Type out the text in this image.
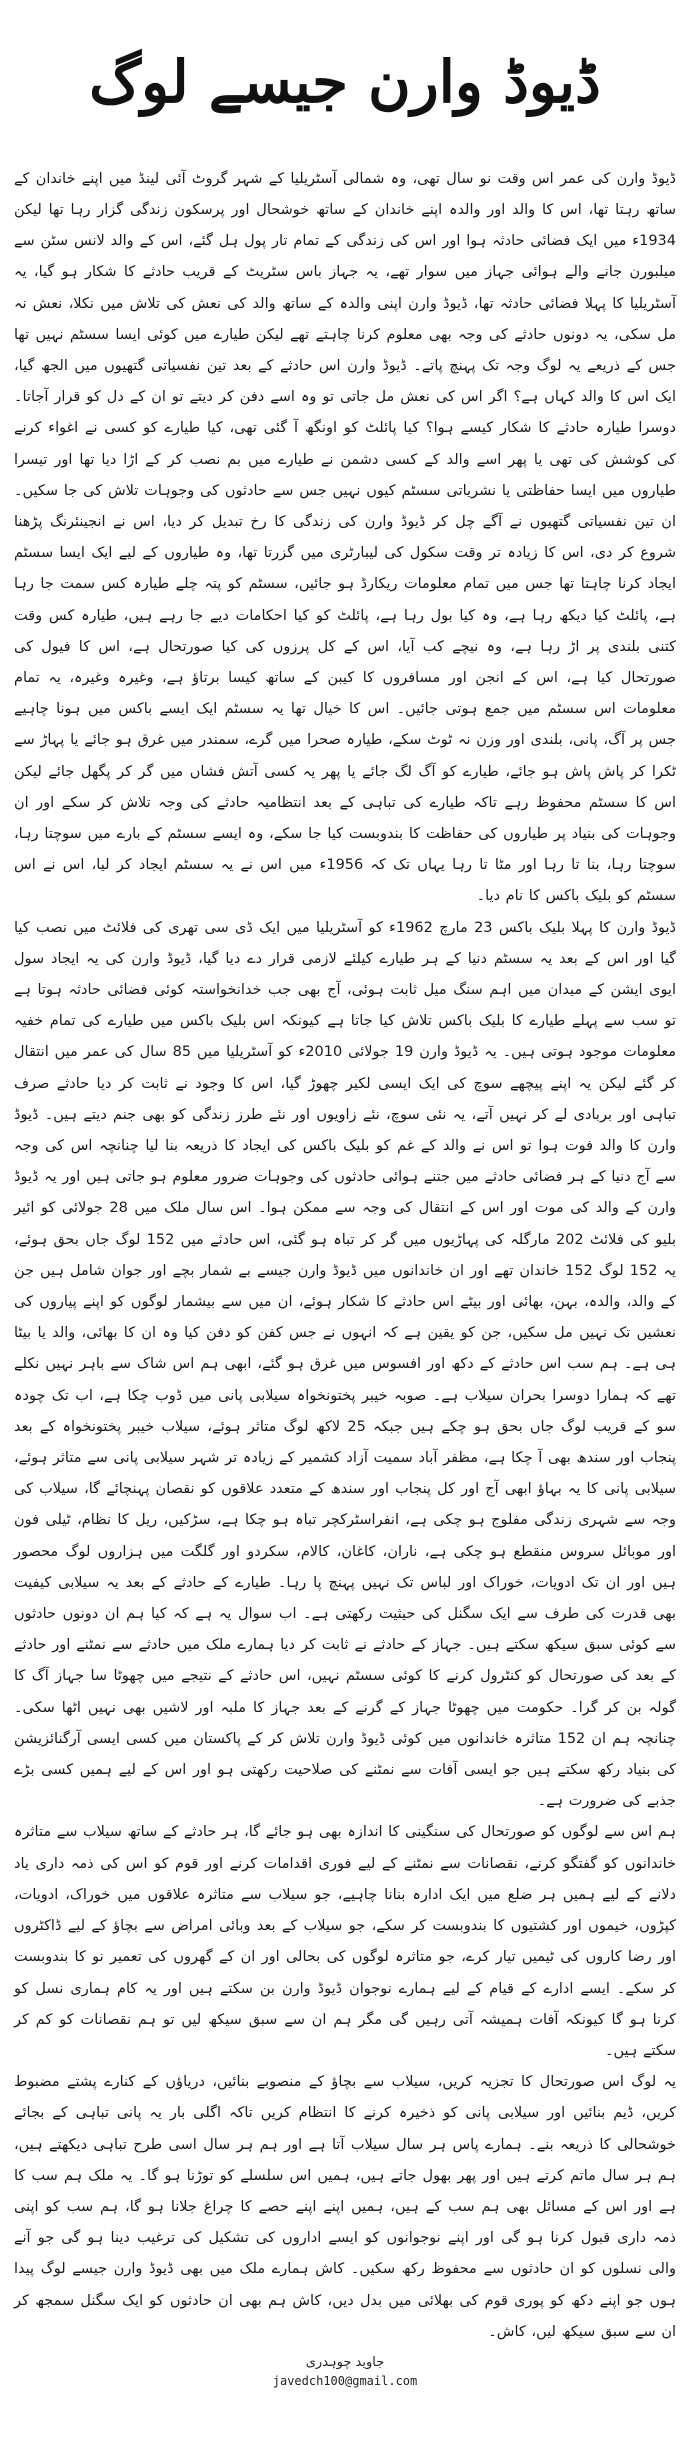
ڈیوڈ وارن جیسے لوگ

ڈیوڈ وارن کی عمر اس وقت نو سال تھی، وہ شمالی آسٹریلیا کے شہر گروٹ آئی لینڈ میں اپنے خاندان کے ساتھ رہتا تھا، اس کا والد اور والدہ اپنے خاندان کے ساتھ خوشحال اور پرسکون زندگی گزار رہا تھا لیکن 1934ء میں ایک فضائی حادثہ ہوا اور اس کی زندگی کے تمام تار پول ہل گئے، اس کے والد لانس سٹن سے میلبورن جانے والے ہوائی جہاز میں سوار تھے، یہ جہاز باس سٹریٹ کے قریب حادثے کا شکار ہو گیا، یہ آسٹریلیا کا پہلا فضائی حادثہ تھا، ڈیوڈ وارن اپنی والدہ کے ساتھ والد کی نعش کی تلاش میں نکلا، نعش نہ مل سکی، یہ دونوں حادثے کی وجہ بھی معلوم کرنا چاہتے تھے لیکن طیارے میں کوئی ایسا سسٹم نہیں تھا جس کے ذریعے یہ لوگ وجہ تک پہنچ پاتے۔ ڈیوڈ وارن اس حادثے کے بعد تین نفسیاتی گتھیوں میں الجھ گیا، ایک اس کا والد کہاں ہے؟ اگر اس کی نعش مل جاتی تو وہ اسے دفن کر دیتے تو ان کے دل کو قرار آجاتا۔ دوسرا طیارہ حادثے کا شکار کیسے ہوا؟ کیا پائلٹ کو اونگھ آ گئی تھی، کیا طیارے کو کسی نے اغواء کرنے کی کوشش کی تھی یا پھر اسے والد کے کسی دشمن نے طیارے میں بم نصب کر کے اڑا دیا تھا اور تیسرا طیاروں میں ایسا حفاظتی یا نشریاتی سسٹم کیوں نہیں جس سے حادثوں کی وجوہات تلاش کی جا سکیں۔ ان تین نفسیاتی گتھیوں نے آگے چل کر ڈیوڈ وارن کی زندگی کا رخ تبدیل کر دیا، اس نے انجینئرنگ پڑھنا شروع کر دی، اس کا زیادہ تر وقت سکول کی لیبارٹری میں گزرتا تھا، وہ طیاروں کے لیے ایک ایسا سسٹم ایجاد کرنا چاہتا تھا جس میں تمام معلومات ریکارڈ ہو جائیں، سسٹم کو پتہ چلے طیارہ کس سمت جا رہا ہے، پائلٹ کیا دیکھ رہا ہے، وہ کیا بول رہا ہے، پائلٹ کو کیا احکامات دیے جا رہے ہیں، طیارہ کس وقت کتنی بلندی پر اڑ رہا ہے، وہ نیچے کب آیا، اس کے کل پرزوں کی کیا صورتحال ہے، اس کا فیول کی صورتحال کیا ہے، اس کے انجن اور مسافروں کا کیبن کے ساتھ کیسا برتاؤ ہے، وغیرہ وغیرہ، یہ تمام معلومات اس سسٹم میں جمع ہوتی جائیں۔ اس کا خیال تھا یہ سسٹم ایک ایسے باکس میں ہونا چاہیے جس پر آگ، پانی، بلندی اور وزن نہ ٹوٹ سکے، طیارہ صحرا میں گرے، سمندر میں غرق ہو جائے یا پہاڑ سے ٹکرا کر پاش پاش ہو جائے، طیارے کو آگ لگ جائے یا پھر یہ کسی آتش فشاں میں گر کر پگھل جائے لیکن اس کا سسٹم محفوظ رہے تاکہ طیارے کی تباہی کے بعد انتظامیہ حادثے کی وجہ تلاش کر سکے اور ان وجوہات کی بنیاد پر طیاروں کی حفاظت کا بندوبست کیا جا سکے، وہ ایسے سسٹم کے بارے میں سوچتا رہا، سوچتا رہا، بنا تا رہا اور مٹا تا رہا یہاں تک کہ 1956ء میں اس نے یہ سسٹم ایجاد کر لیا، اس نے اس سسٹم کو بلیک باکس کا نام دیا۔

ڈیوڈ وارن کا پہلا بلیک باکس 23 مارچ 1962ء کو آسٹریلیا میں ایک ڈی سی تھری کی فلائٹ میں نصب کیا گیا اور اس کے بعد یہ سسٹم دنیا کے ہر طیارے کیلئے لازمی قرار دے دیا گیا، ڈیوڈ وارن کی یہ ایجاد سول ایوی ایشن کے میدان میں اہم سنگ میل ثابت ہوئی، آج بھی جب خدانخواستہ کوئی فضائی حادثہ ہوتا ہے تو سب سے پہلے طیارے کا بلیک باکس تلاش کیا جاتا ہے کیونکہ اس بلیک باکس میں طیارے کی تمام خفیہ معلومات موجود ہوتی ہیں۔ یہ ڈیوڈ وارن 19 جولائی 2010ء کو آسٹریلیا میں 85 سال کی عمر میں انتقال کر گئے لیکن یہ اپنے پیچھے سوچ کی ایک ایسی لکیر چھوڑ گیا، اس کا وجود نے ثابت کر دیا حادثے صرف تباہی اور بربادی لے کر نہیں آتے، یہ نئی سوچ، نئے زاویوں اور نئے طرز زندگی کو بھی جنم دیتے ہیں۔ ڈیوڈ وارن کا والد فوت ہوا تو اس نے والد کے غم کو بلیک باکس کی ایجاد کا ذریعہ بنا لیا چنانچہ اس کی وجہ سے آج دنیا کے ہر فضائی حادثے میں جتنے ہوائی حادثوں کی وجوہات ضرور معلوم ہو جاتی ہیں اور یہ ڈیوڈ وارن کے والد کی موت اور اس کے انتقال کی وجہ سے ممکن ہوا۔ اس سال ملک میں 28 جولائی کو ائیر بلیو کی فلائٹ 202 مارگلہ کی پہاڑیوں میں گر کر تباہ ہو گئی، اس حادثے میں 152 لوگ جاں بحق ہوئے، یہ 152 لوگ 152 خاندان تھے اور ان خاندانوں میں ڈیوڈ وارن جیسے بے شمار بچے اور جوان شامل ہیں جن کے والد، والدہ، بہن، بھائی اور بیٹے اس حادثے کا شکار ہوئے، ان میں سے بیشمار لوگوں کو اپنے پیاروں کی نعشیں تک نہیں مل سکیں، جن کو یقین ہے کہ انہوں نے جس کفن کو دفن کیا وہ ان کا بھائی، والد یا بیٹا ہی ہے۔ ہم سب اس حادثے کے دکھ اور افسوس میں غرق ہو گئے، ابھی ہم اس شاک سے باہر نہیں نکلے تھے کہ ہمارا دوسرا بحران سیلاب ہے۔ صوبہ خیبر پختونخواہ سیلابی پانی میں ڈوب چکا ہے، اب تک چودہ سو کے قریب لوگ جاں بحق ہو چکے ہیں جبکہ 25 لاکھ لوگ متاثر ہوئے، سیلاب خیبر پختونخواہ کے بعد پنجاب اور سندھ بھی آ چکا ہے، مظفر آباد سمیت آزاد کشمیر کے زیادہ تر شہر سیلابی پانی سے متاثر ہوئے، سیلابی پانی کا یہ بہاؤ ابھی آج اور کل پنجاب اور سندھ کے متعدد علاقوں کو نقصان پہنچائے گا، سیلاب کی وجہ سے شہری زندگی مفلوج ہو چکی ہے، انفراسٹرکچر تباہ ہو چکا ہے، سڑکیں، ریل کا نظام، ٹیلی فون اور موبائل سروس منقطع ہو چکی ہے، ناران، کاغان، کالام، سکردو اور گلگت میں ہزاروں لوگ محصور ہیں اور ان تک ادویات، خوراک اور لباس تک نہیں پہنچ پا رہا۔ طیارے کے حادثے کے بعد یہ سیلابی کیفیت بھی قدرت کی طرف سے ایک سگنل کی حیثیت رکھتی ہے۔ اب سوال یہ ہے کہ کیا ہم ان دونوں حادثوں سے کوئی سبق سیکھ سکتے ہیں۔ جہاز کے حادثے نے ثابت کر دیا ہمارے ملک میں حادثے سے نمٹنے اور حادثے کے بعد کی صورتحال کو کنٹرول کرنے کا کوئی سسٹم نہیں، اس حادثے کے نتیجے میں چھوٹا سا جہاز آگ کا گولہ بن کر گرا۔ حکومت میں چھوٹا جہاز کے گرنے کے بعد جہاز کا ملبہ اور لاشیں بھی نہیں اٹھا سکی۔ چنانچہ ہم ان 152 متاثرہ خاندانوں میں کوئی ڈیوڈ وارن تلاش کر کے پاکستان میں کسی ایسی آرگنائزیشن کی بنیاد رکھ سکتے ہیں جو ایسی آفات سے نمٹنے کی صلاحیت رکھتی ہو اور اس کے لیے ہمیں کسی بڑے جذبے کی ضرورت ہے۔

ہم اس سے لوگوں کو صورتحال کی سنگینی کا اندازہ بھی ہو جائے گا، ہر حادثے کے ساتھ سیلاب سے متاثرہ خاندانوں کو گفتگو کرنے، نقصانات سے نمٹنے کے لیے فوری اقدامات کرنے اور قوم کو اس کی ذمہ داری یاد دلانے کے لیے ہمیں ہر ضلع میں ایک ادارہ بنانا چاہیے، جو سیلاب سے متاثرہ علاقوں میں خوراک، ادویات، کپڑوں، خیموں اور کشتیوں کا بندوبست کر سکے، جو سیلاب کے بعد وبائی امراض سے بچاؤ کے لیے ڈاکٹروں اور رضا کاروں کی ٹیمیں تیار کرے، جو متاثرہ لوگوں کی بحالی اور ان کے گھروں کی تعمیر نو کا بندوبست کر سکے۔ ایسے ادارے کے قیام کے لیے ہمارے نوجوان ڈیوڈ وارن بن سکتے ہیں اور یہ کام ہماری نسل کو کرنا ہو گا کیونکہ آفات ہمیشہ آتی رہیں گی مگر ہم ان سے سبق سیکھ لیں تو ہم نقصانات کو کم کر سکتے ہیں۔

یہ لوگ اس صورتحال کا تجزیہ کریں، سیلاب سے بچاؤ کے منصوبے بنائیں، دریاؤں کے کنارے پشتے مضبوط کریں، ڈیم بنائیں اور سیلابی پانی کو ذخیرہ کرنے کا انتظام کریں تاکہ اگلی بار یہ پانی تباہی کے بجائے خوشحالی کا ذریعہ بنے۔ ہمارے پاس ہر سال سیلاب آتا ہے اور ہم ہر سال اسی طرح تباہی دیکھتے ہیں، ہم ہر سال ماتم کرتے ہیں اور پھر بھول جاتے ہیں، ہمیں اس سلسلے کو توڑنا ہو گا۔ یہ ملک ہم سب کا ہے اور اس کے مسائل بھی ہم سب کے ہیں، ہمیں اپنے اپنے حصے کا چراغ جلانا ہو گا، ہم سب کو اپنی ذمہ داری قبول کرنا ہو گی اور اپنے نوجوانوں کو ایسے اداروں کی تشکیل کی ترغیب دینا ہو گی جو آنے والی نسلوں کو ان حادثوں سے محفوظ رکھ سکیں۔ کاش ہمارے ملک میں بھی ڈیوڈ وارن جیسے لوگ پیدا ہوں جو اپنے دکھ کو پوری قوم کی بھلائی میں بدل دیں، کاش ہم بھی ان حادثوں کو ایک سگنل سمجھ کر ان سے سبق سیکھ لیں، کاش۔

جاوید چوہدری
javedch100@gmail.com
